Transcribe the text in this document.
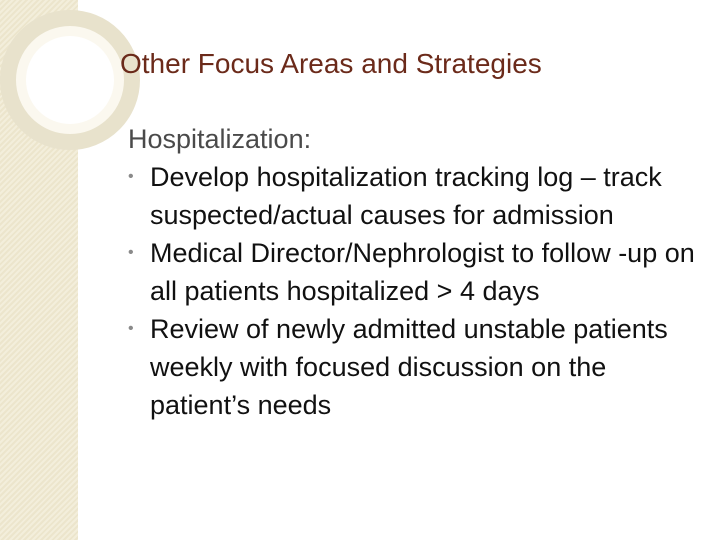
Other Focus Areas and Strategies
Hospitalization:
• Develop hospitalization tracking log – track suspected/actual causes for admission
• Medical Director/Nephrologist to follow -up on all patients hospitalized > 4 days
• Review of newly admitted unstable patients weekly with focused discussion on the patient’s needs
